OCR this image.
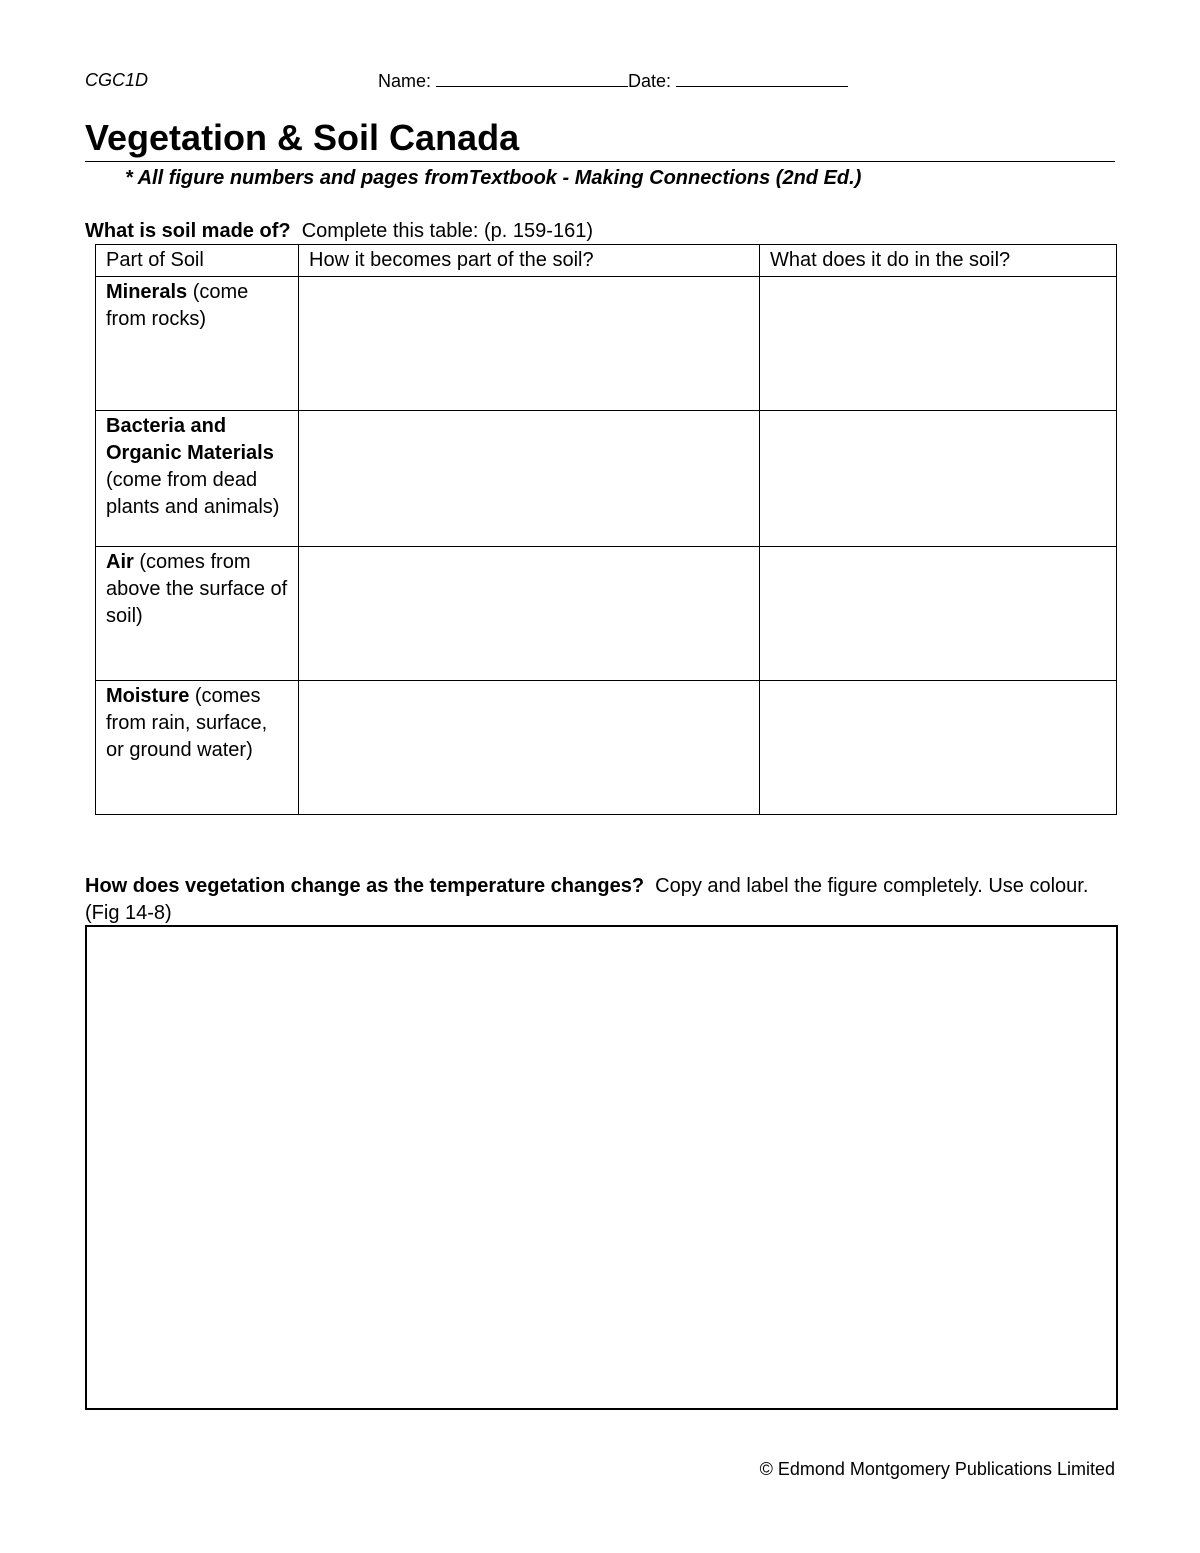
CGC1D	Name:	Date:
Vegetation & Soil Canada
* All figure numbers and pages fromTextbook - Making Connections (2nd Ed.)
What is soil made of? Complete this table: (p. 159-161)
Part of Soil	How it becomes part of the soil?	What does it do in the soil?
Minerals (come from rocks)		
Bacteria and Organic Materials (come from dead plants and animals)		
Air (comes from above the surface of soil)		
Moisture (comes from rain, surface, or ground water)		
How does vegetation change as the temperature changes? Copy and label the figure completely. Use colour. (Fig 14-8)
© Edmond Montgomery Publications Limited
